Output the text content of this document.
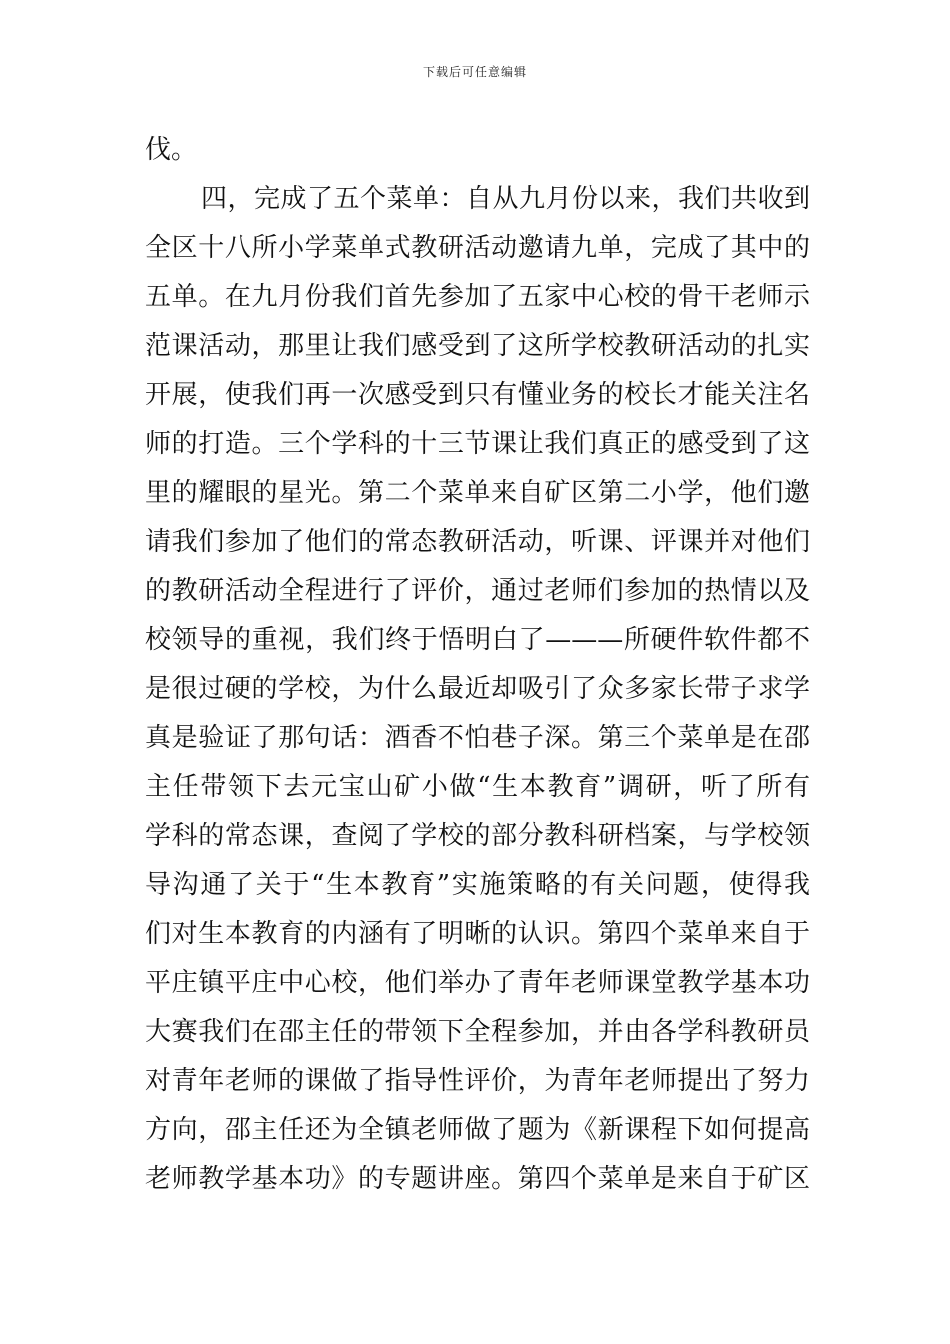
下载后可任意编辑
伐。
四，完成了五个菜单：自从九月份以来，我们共收到
全区十八所小学菜单式教研活动邀请九单，完成了其中的
五单。在九月份我们首先参加了五家中心校的骨干老师示
范课活动，那里让我们感受到了这所学校教研活动的扎实
开展，使我们再一次感受到只有懂业务的校长才能关注名
师的打造。三个学科的十三节课让我们真正的感受到了这
里的耀眼的星光。第二个菜单来自矿区第二小学，他们邀
请我们参加了他们的常态教研活动，听课、评课并对他们
的教研活动全程进行了评价，通过老师们参加的热情以及
校领导的重视，我们终于悟明白了———所硬件软件都不
是很过硬的学校，为什么最近却吸引了众多家长带子求学
真是验证了那句话：酒香不怕巷子深。第三个菜单是在邵
主任带领下去元宝山矿小做“生本教育”调研，听了所有
学科的常态课，查阅了学校的部分教科研档案，与学校领
导沟通了关于“生本教育”实施策略的有关问题，使得我
们对生本教育的内涵有了明晰的认识。第四个菜单来自于
平庄镇平庄中心校，他们举办了青年老师课堂教学基本功
大赛我们在邵主任的带领下全程参加，并由各学科教研员
对青年老师的课做了指导性评价，为青年老师提出了努力
方向，邵主任还为全镇老师做了题为《新课程下如何提高
老师教学基本功》的专题讲座。第四个菜单是来自于矿区
